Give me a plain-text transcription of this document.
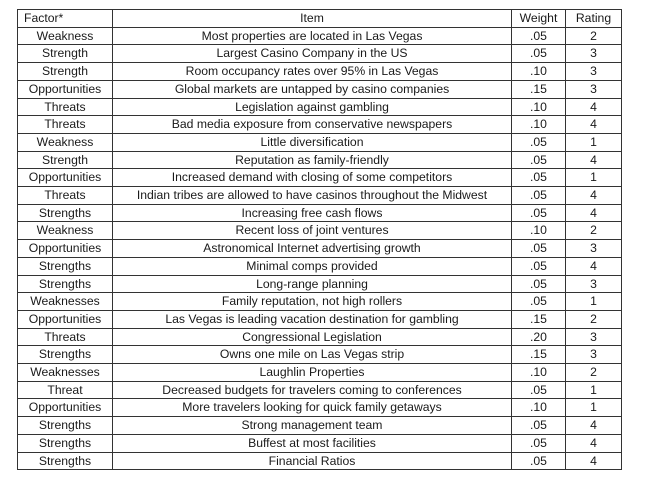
Factor*	Item	Weight	Rating
Weakness	Most properties are located in Las Vegas	.05	2
Strength	Largest Casino Company in the US	.05	3
Strength	Room occupancy rates over 95% in Las Vegas	.10	3
Opportunities	Global markets are untapped by casino companies	.15	3
Threats	Legislation against gambling	.10	4
Threats	Bad media exposure from conservative newspapers	.10	4
Weakness	Little diversification	.05	1
Strength	Reputation as family-friendly	.05	4
Opportunities	Increased demand with closing of some competitors	.05	1
Threats	Indian tribes are allowed to have casinos throughout the Midwest	.05	4
Strengths	Increasing free cash flows	.05	4
Weakness	Recent loss of joint ventures	.10	2
Opportunities	Astronomical Internet advertising growth	.05	3
Strengths	Minimal comps provided	.05	4
Strengths	Long-range planning	.05	3
Weaknesses	Family reputation, not high rollers	.05	1
Opportunities	Las Vegas is leading vacation destination for gambling	.15	2
Threats	Congressional Legislation	.20	3
Strengths	Owns one mile on Las Vegas strip	.15	3
Weaknesses	Laughlin Properties	.10	2
Threat	Decreased budgets for travelers coming to conferences	.05	1
Opportunities	More travelers looking for quick family getaways	.10	1
Strengths	Strong management team	.05	4
Strengths	Buffest at most facilities	.05	4
Strengths	Financial Ratios	.05	4
